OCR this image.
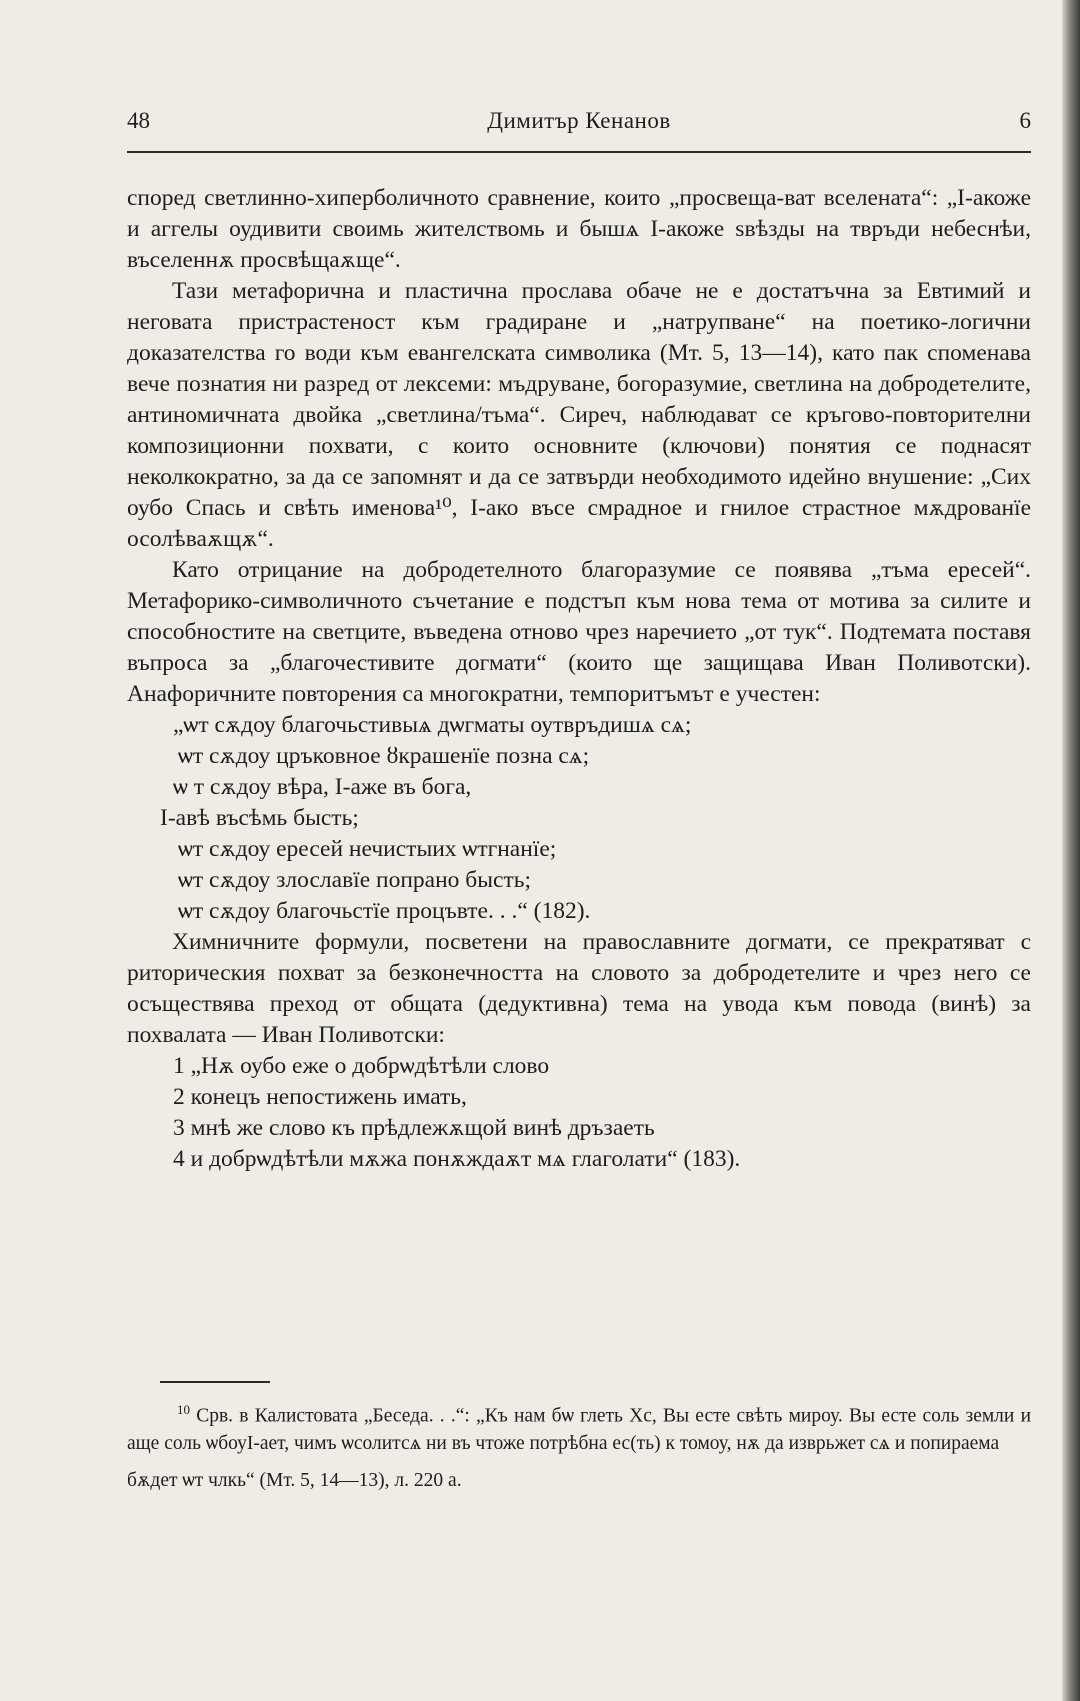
48	Димитър Кенанов	6

според светлинно-хиперболичното сравнение, които „просвеща-ват вселената“: „І-акоже и аггелы оудивити своимь жителствомь и бышѧ І-акоже ѕвѣзды на твръди небеснѣи, въселеннѫ просвѣщаѫще“.

Тази метафорична и пластична прослава обаче не е достатъчна за Евтимий и неговата пристрастеност към градиране и „натрупване“ на поетико-логични доказателства го води към евангелската символика (Мт. 5, 13—14), като пак споменава вече познатия ни разред от лексеми: мъдруване, богоразумие, светлина на добродетелите, антиномичната двойка „светлина/тъма“. Сиреч, наблюдават се кръгово-повторителни композиционни похвати, с които основните (ключови) понятия се поднасят неколкократно, за да се запомнят и да се затвърди необходимото идейно внушение: „Сих оубо Спась и свѣть именова¹⁰, І-ако въсе смрадное и гнилое страстное мѫдрованїе осолѣваѫщѫ“.

Като отрицание на добродетелното благоразумие се появява „тъма ересей“. Метафорико-символичното съчетание е подстъп към нова тема от мотива за силите и способностите на светците, въведена отново чрез наречието „от тук“. Подтемата поставя въпроса за „благочестивите догмати“ (които ще защищава Иван Поливотски). Анафоричните повторения са многократни, темпоритъмът е учестен:

„ѡт сѫдоу благочьстивыѧ дѡгматы оутвръдишѧ сѧ;
ѡт сѫдоу цръковное ȣкрашенїе позна сѧ;
ѡ т сѫдоу вѣра, І-аже въ бога,
І-авѣ въсѣмь бысть;
ѡт сѫдоу ересей нечистыих ѡтгнанїе;
ѡт сѫдоу злославїе попрано бысть;
ѡт сѫдоу благочьстїе процъвте. . .“ (182).

Химничните формули, посветени на православните догмати, се прекратяват с риторическия похват за безконечността на словото за добродетелите и чрез него се осъществява преход от общата (дедуктивна) тема на увода към повода (винѣ) за похвалата — Иван Поливотски:

1 „Нѫ оубо еже о добрѡдѣтѣли слово
2 конецъ непостижень имать,
3 мнѣ же слово къ прѣдлежѫщой винѣ дръзаеть
4 и добрѡдѣтѣли мѫжа понѫждаѫт мѧ глаголати“ (183).
$^{10}$ Срв. в Калистовата „Беседа. . .“: „Къ нам бѡ глеть Хс, Вы есте свѣть мироу. Вы есте соль земли и аще соль ѡбоуІ-ает, чимъ ѡсолитсѧ ни въ чтоже потрѣбна ес(ть) к томоу, нѫ да изврьжет сѧ и попираема
бѫдет ѡт члкь“ (Мт. 5, 14—13), л. 220 а.
